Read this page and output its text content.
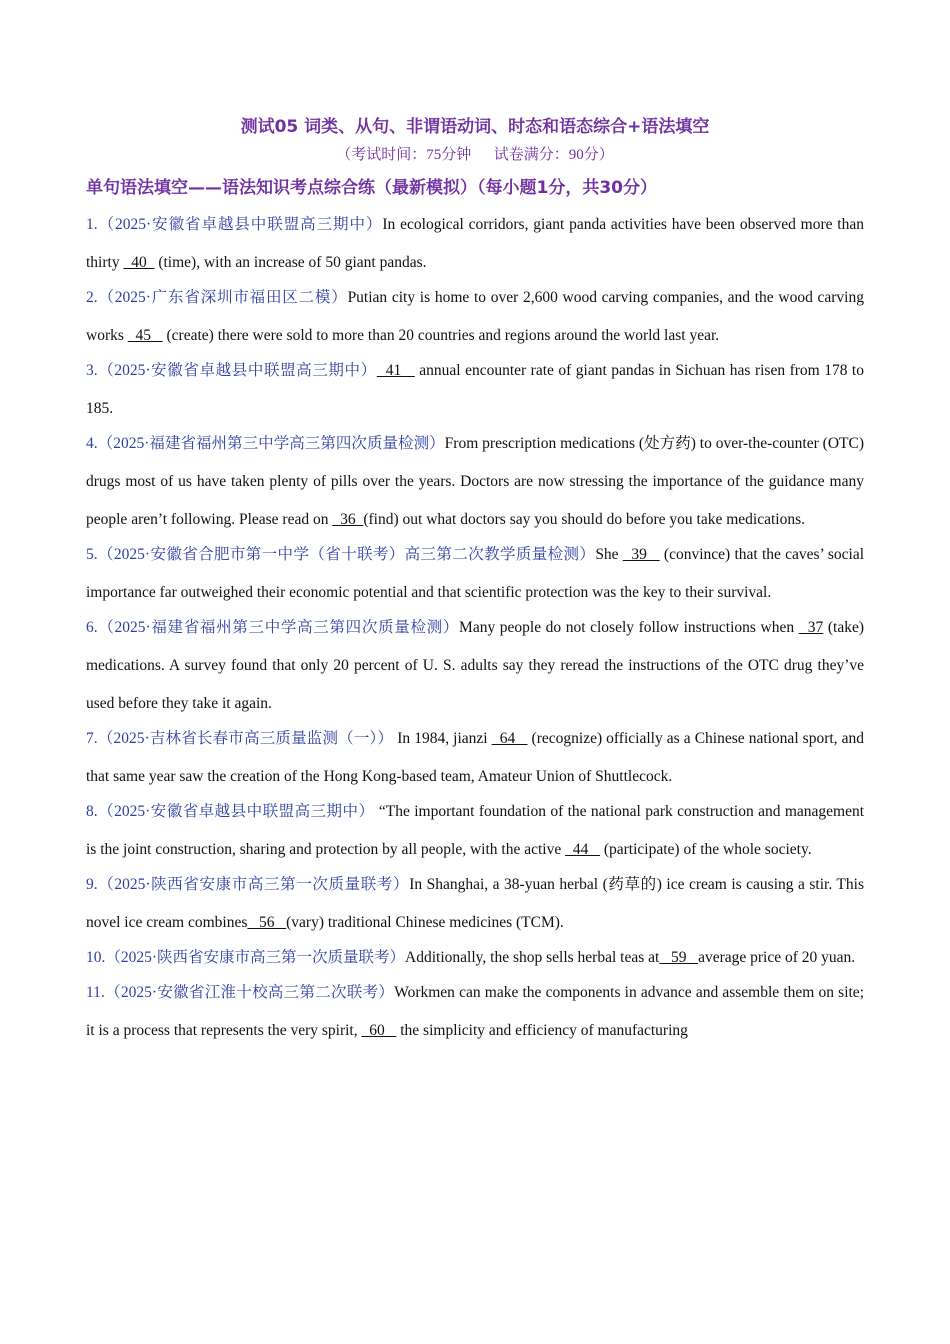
测试05 词类、从句、非谓语动词、时态和语态综合+语法填空

（考试时间：75分钟      试卷满分：90分）

单句语法填空——语法知识考点综合练（最新模拟）（每小题1分，共30分）

1.（2025·安徽省卓越县中联盟高三期中）In ecological corridors, giant panda activities have been observed more than thirty   40   (time), with an increase of 50 giant pandas.

2.（2025·广东省深圳市福田区二模）Putian city is home to over 2,600 wood carving companies, and the wood carving works   45    (create) there were sold to more than 20 countries and regions around the world last year.

3.（2025·安徽省卓越县中联盟高三期中）  41    annual encounter rate of giant pandas in Sichuan has risen from 178 to 185.

4.（2025·福建省福州第三中学高三第四次质量检测）From prescription medications (处方药) to over-the-counter (OTC) drugs most of us have taken plenty of pills over the years. Doctors are now stressing the importance of the guidance many people aren’t following. Please read on   36  (find) out what doctors say you should do before you take medications.

5.（2025·安徽省合肥市第一中学（省十联考）高三第二次教学质量检测）She   39    (convince) that the caves’ social importance far outweighed their economic potential and that scientific protection was the key to their survival.

6.（2025·福建省福州第三中学高三第四次质量检测）Many people do not closely follow instructions when   37 (take) medications. A survey found that only 20 percent of U. S. adults say they reread the instructions of the OTC drug they’ve used before they take it again.

7.（2025·吉林省长春市高三质量监测（一）） In 1984, jianzi   64    (recognize) officially as a Chinese national sport, and that same year saw the creation of the Hong Kong-based team, Amateur Union of Shuttlecock.

8.（2025·安徽省卓越县中联盟高三期中） “The important foundation of the national park construction and management is the joint construction, sharing and protection by all people, with the active   44    (participate) of the whole society.

9.（2025·陕西省安康市高三第一次质量联考）In Shanghai, a 38-yuan herbal (药草的) ice cream is causing a stir. This novel ice cream combines   56   (vary) traditional Chinese medicines (TCM).

10.（2025·陕西省安康市高三第一次质量联考）Additionally, the shop sells herbal teas at   59   average price of 20 yuan.

11.（2025·安徽省江淮十校高三第二次联考）Workmen can make the components in advance and assemble them on site; it is a process that represents the very spirit,   60    the simplicity and efficiency of manufacturing
